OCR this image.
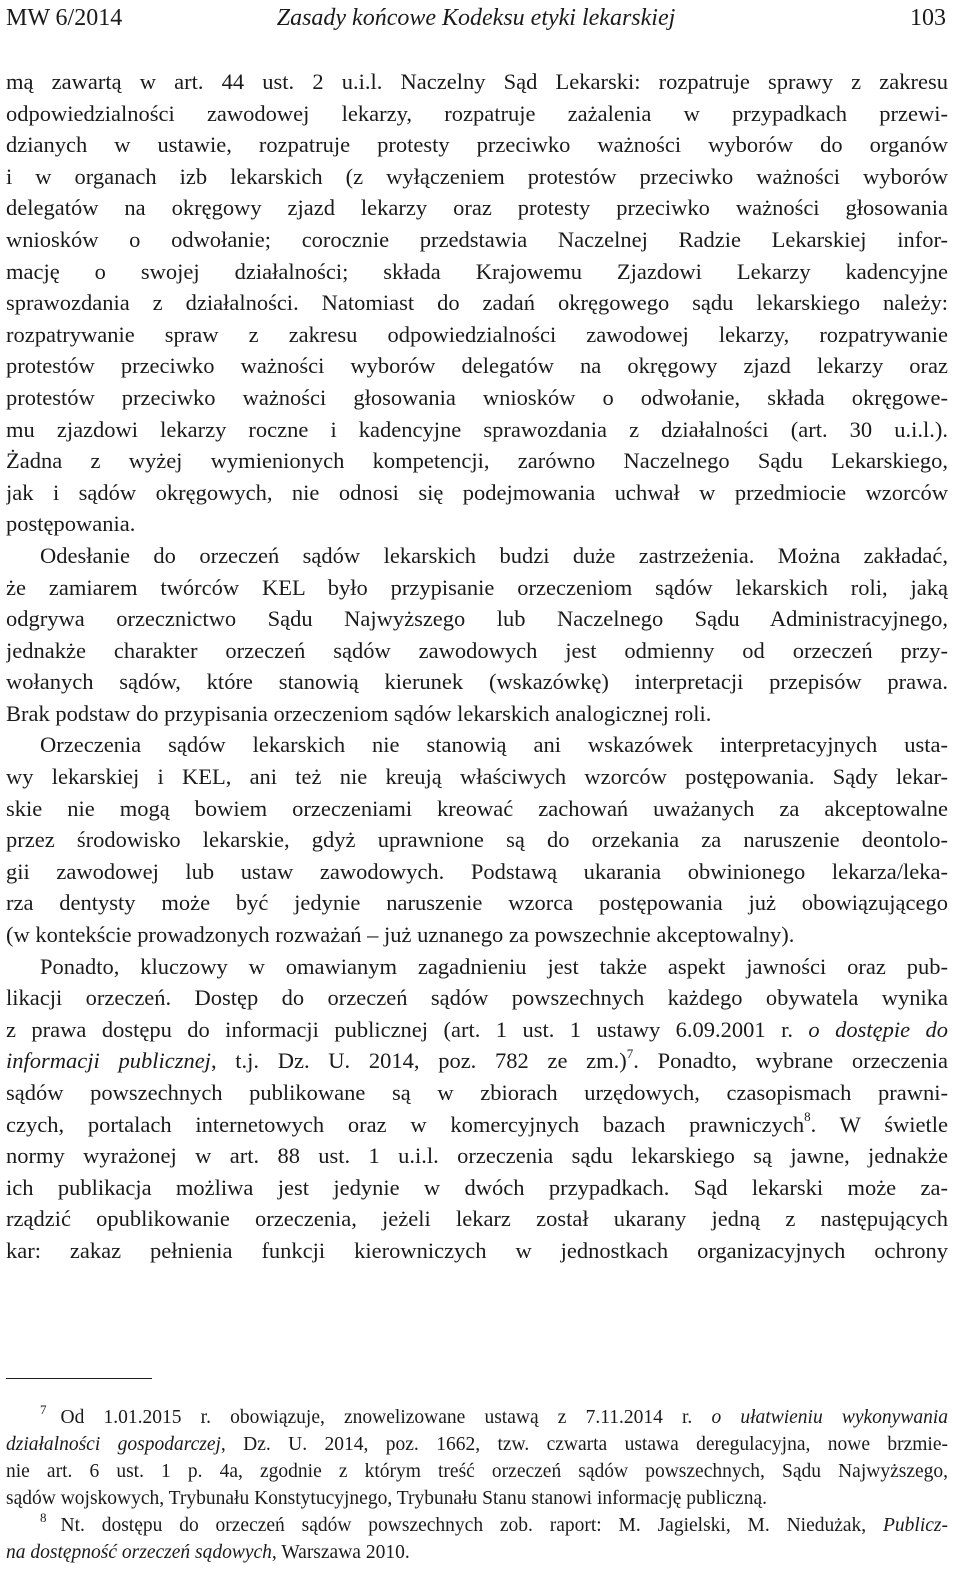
MW 6/2014	Zasady końcowe Kodeksu etyki lekarskiej	103
mą zawartą w art. 44 ust. 2 u.i.l. Naczelny Sąd Lekarski: rozpatruje sprawy z zakresu
odpowiedzialności zawodowej lekarzy, rozpatruje zażalenia w przypadkach przewi-
dzianych w ustawie, rozpatruje protesty przeciwko ważności wyborów do organów
i w organach izb lekarskich (z wyłączeniem protestów przeciwko ważności wyborów
delegatów na okręgowy zjazd lekarzy oraz protesty przeciwko ważności głosowania
wniosków o odwołanie; corocznie przedstawia Naczelnej Radzie Lekarskiej infor-
mację o swojej działalności; składa Krajowemu Zjazdowi Lekarzy kadencyjne
sprawozdania z działalności. Natomiast do zadań okręgowego sądu lekarskiego należy:
rozpatrywanie spraw z zakresu odpowiedzialności zawodowej lekarzy, rozpatrywanie
protestów przeciwko ważności wyborów delegatów na okręgowy zjazd lekarzy oraz
protestów przeciwko ważności głosowania wniosków o odwołanie, składa okręgowe-
mu zjazdowi lekarzy roczne i kadencyjne sprawozdania z działalności (art. 30 u.i.l.).
Żadna z wyżej wymienionych kompetencji, zarówno Naczelnego Sądu Lekarskiego,
jak i sądów okręgowych, nie odnosi się podejmowania uchwał w przedmiocie wzorców
postępowania.
Odesłanie do orzeczeń sądów lekarskich budzi duże zastrzeżenia. Można zakładać,
że zamiarem twórców KEL było przypisanie orzeczeniom sądów lekarskich roli, jaką
odgrywa orzecznictwo Sądu Najwyższego lub Naczelnego Sądu Administracyjnego,
jednakże charakter orzeczeń sądów zawodowych jest odmienny od orzeczeń przy-
wołanych sądów, które stanowią kierunek (wskazówkę) interpretacji przepisów prawa.
Brak podstaw do przypisania orzeczeniom sądów lekarskich analogicznej roli.
Orzeczenia sądów lekarskich nie stanowią ani wskazówek interpretacyjnych usta-
wy lekarskiej i KEL, ani też nie kreują właściwych wzorców postępowania. Sądy lekar-
skie nie mogą bowiem orzeczeniami kreować zachowań uważanych za akceptowalne
przez środowisko lekarskie, gdyż uprawnione są do orzekania za naruszenie deontolo-
gii zawodowej lub ustaw zawodowych. Podstawą ukarania obwinionego lekarza/leka-
rza dentysty może być jedynie naruszenie wzorca postępowania już obowiązującego
(w kontekście prowadzonych rozważań – już uznanego za powszechnie akceptowalny).
Ponadto, kluczowy w omawianym zagadnieniu jest także aspekt jawności oraz pub-
likacji orzeczeń. Dostęp do orzeczeń sądów powszechnych każdego obywatela wynika
z prawa dostępu do informacji publicznej (art. 1 ust. 1 ustawy 6.09.2001 r. o dostępie do
informacji publicznej, t.j. Dz. U. 2014, poz. 782 ze zm.)$^7$. Ponadto, wybrane orzeczenia
sądów powszechnych publikowane są w zbiorach urzędowych, czasopismach prawni-
czych, portalach internetowych oraz w komercyjnych bazach prawniczych$^8$. W świetle
normy wyrażonej w art. 88 ust. 1 u.i.l. orzeczenia sądu lekarskiego są jawne, jednakże
ich publikacja możliwa jest jedynie w dwóch przypadkach. Sąd lekarski może za-
rządzić opublikowanie orzeczenia, jeżeli lekarz został ukarany jedną z następujących
kar: zakaz pełnienia funkcji kierowniczych w jednostkach organizacyjnych ochrony
$^7$ Od 1.01.2015 r. obowiązuje, znowelizowane ustawą z 7.11.2014 r. o ułatwieniu wykonywania
działalności gospodarczej, Dz. U. 2014, poz. 1662, tzw. czwarta ustawa deregulacyjna, nowe brzmie-
nie art. 6 ust. 1 p. 4a, zgodnie z którym treść orzeczeń sądów powszechnych, Sądu Najwyższego,
sądów wojskowych, Trybunału Konstytucyjnego, Trybunału Stanu stanowi informację publiczną.
$^8$ Nt. dostępu do orzeczeń sądów powszechnych zob. raport: M. Jagielski, M. Niedużak, Publicz-
na dostępność orzeczeń sądowych, Warszawa 2010.
